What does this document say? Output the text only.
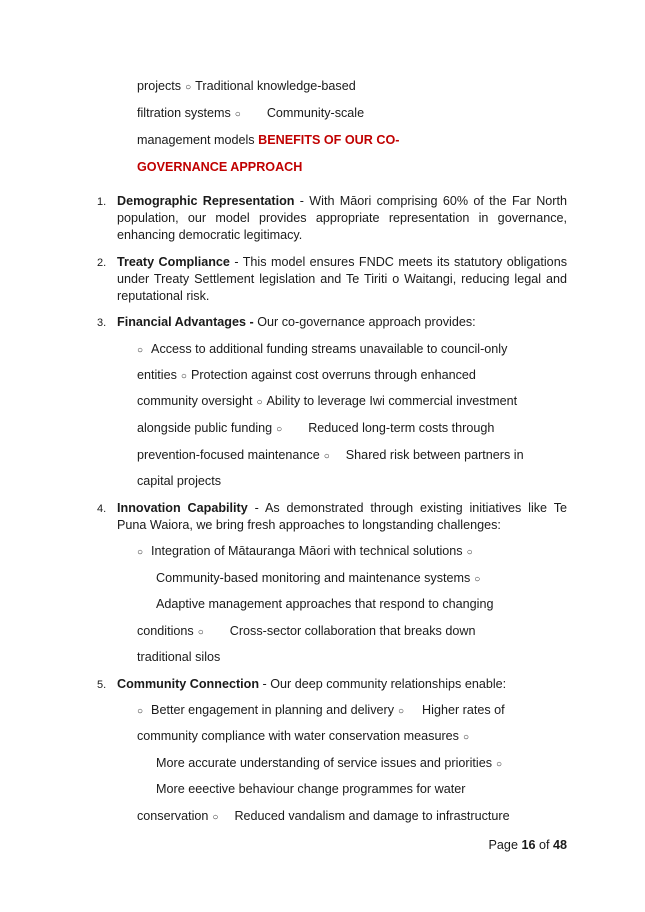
projects ○ Traditional knowledge-based
filtration systems ○ Community-scale
management models BENEFITS OF OUR CO-
GOVERNANCE APPROACH
1. Demographic Representation - With Māori comprising 60% of the Far North population, our model provides appropriate representation in governance, enhancing democratic legitimacy.
2. Treaty Compliance - This model ensures FNDC meets its statutory obligations under Treaty Settlement legislation and Te Tiriti o Waitangi, reducing legal and reputational risk.
3. Financial Advantages - Our co-governance approach provides:
○ Access to additional funding streams unavailable to council-only
entities ○ Protection against cost overruns through enhanced
community oversight ○ Ability to leverage Iwi commercial investment
alongside public funding ○ Reduced long-term costs through
prevention-focused maintenance ○ Shared risk between partners in
capital projects
4. Innovation Capability - As demonstrated through existing initiatives like Te Puna Waiora, we bring fresh approaches to longstanding challenges:
○ Integration of Mātauranga Māori with technical solutions ○
Community-based monitoring and maintenance systems ○
Adaptive management approaches that respond to changing
conditions ○ Cross-sector collaboration that breaks down
traditional silos
5. Community Connection - Our deep community relationships enable:
○ Better engagement in planning and delivery ○ Higher rates of
community compliance with water conservation measures ○
More accurate understanding of service issues and priorities ○
More eeective behaviour change programmes for water
conservation ○ Reduced vandalism and damage to infrastructure
Page 16 of 48
